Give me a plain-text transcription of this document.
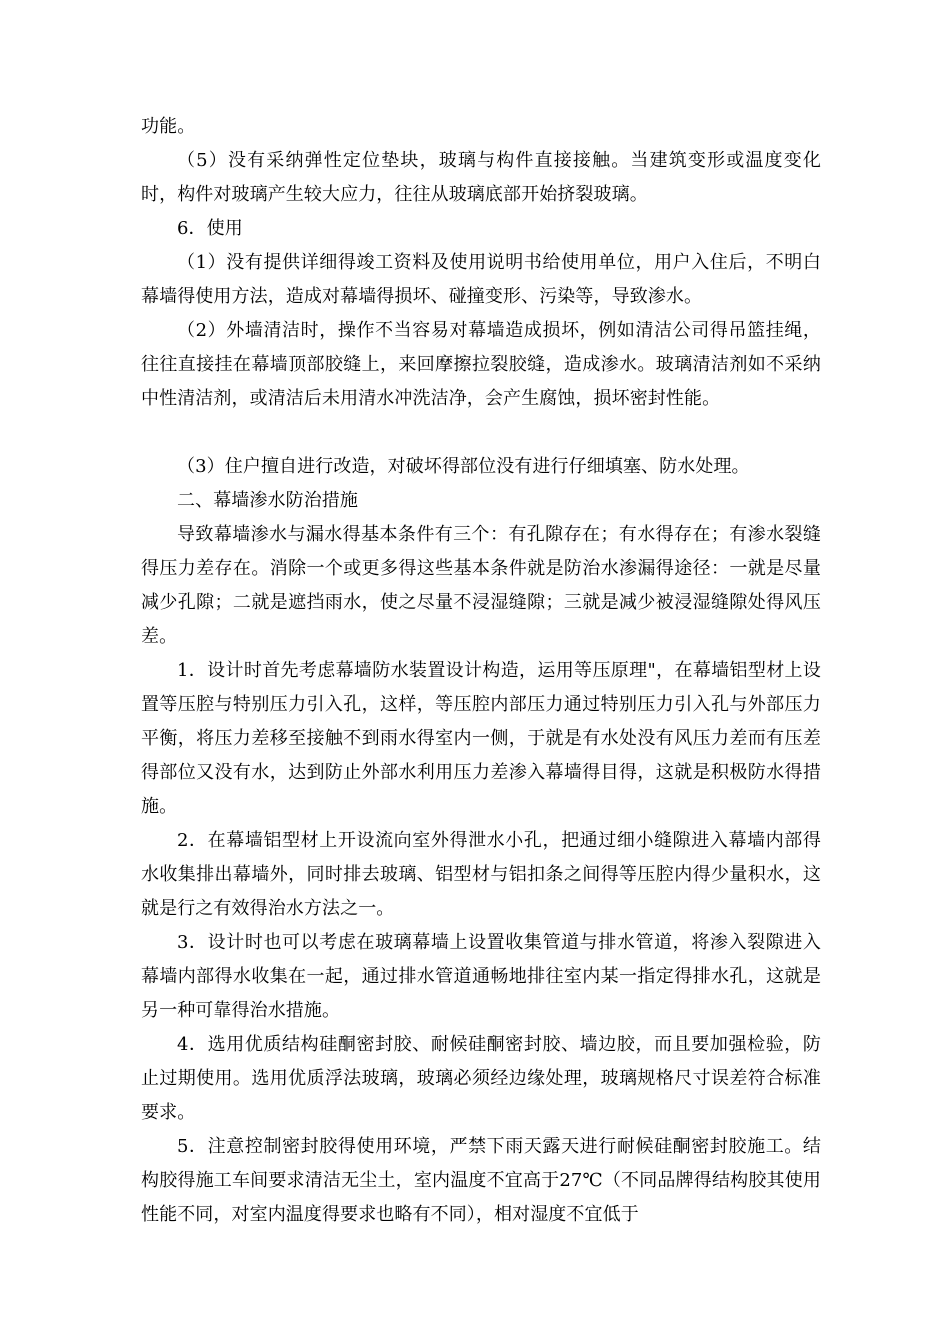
功能。

（5）没有采纳弹性定位垫块，玻璃与构件直接接触。当建筑变形或温度变化时，构件对玻璃产生较大应力，往往从玻璃底部开始挤裂玻璃。

6．使用

（1）没有提供详细得竣工资料及使用说明书给使用单位，用户入住后，不明白幕墙得使用方法，造成对幕墙得损坏、碰撞变形、污染等，导致渗水。

（2）外墙清洁时，操作不当容易对幕墙造成损坏，例如清洁公司得吊篮挂绳，往往直接挂在幕墙顶部胶缝上，来回摩擦拉裂胶缝，造成渗水。玻璃清洁剂如不采纳中性清洁剂，或清洁后未用清水冲洗洁净，会产生腐蚀，损坏密封性能。

（3）住户擅自进行改造，对破坏得部位没有进行仔细填塞、防水处理。

二、幕墙渗水防治措施

导致幕墙渗水与漏水得基本条件有三个：有孔隙存在；有水得存在；有渗水裂缝得压力差存在。消除一个或更多得这些基本条件就是防治水渗漏得途径：一就是尽量减少孔隙；二就是遮挡雨水，使之尽量不浸湿缝隙；三就是减少被浸湿缝隙处得风压差。

1．设计时首先考虑幕墙防水装置设计构造，运用等压原理"，在幕墙铝型材上设置等压腔与特别压力引入孔，这样，等压腔内部压力通过特别压力引入孔与外部压力平衡，将压力差移至接触不到雨水得室内一侧，于就是有水处没有风压力差而有压差得部位又没有水，达到防止外部水利用压力差渗入幕墙得目得，这就是积极防水得措施。

2．在幕墙铝型材上开设流向室外得泄水小孔，把通过细小缝隙进入幕墙内部得水收集排出幕墙外，同时排去玻璃、铝型材与铝扣条之间得等压腔内得少量积水，这就是行之有效得治水方法之一。

3．设计时也可以考虑在玻璃幕墙上设置收集管道与排水管道，将渗入裂隙进入幕墙内部得水收集在一起，通过排水管道通畅地排往室内某一指定得排水孔，这就是另一种可靠得治水措施。

4．选用优质结构硅酮密封胶、耐候硅酮密封胶、墙边胶，而且要加强检验，防止过期使用。选用优质浮法玻璃，玻璃必须经边缘处理，玻璃规格尺寸误差符合标准要求。

5．注意控制密封胶得使用环境，严禁下雨天露天进行耐候硅酮密封胶施工。结构胶得施工车间要求清洁无尘土，室内温度不宜高于27℃（不同品牌得结构胶其使用性能不同，对室内温度得要求也略有不同），相对湿度不宜低于
